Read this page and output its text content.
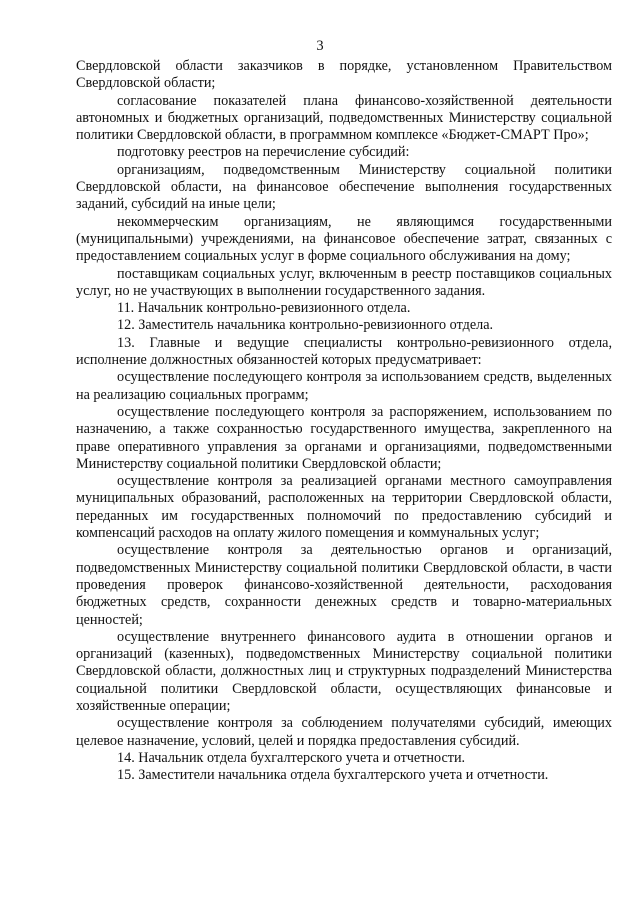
3

Свердловской области заказчиков в порядке, установленном Правительством Свердловской области;

согласование показателей плана финансово-хозяйственной деятельности автономных и бюджетных организаций, подведомственных Министерству социальной политики Свердловской области, в программном комплексе «Бюджет-СМАРТ Про»;

подготовку реестров на перечисление субсидий:

организациям, подведомственным Министерству социальной политики Свердловской области, на финансовое обеспечение выполнения государственных заданий, субсидий на иные цели;

некоммерческим организациям, не являющимся государственными (муниципальными) учреждениями, на финансовое обеспечение затрат, связанных с предоставлением социальных услуг в форме социального обслуживания на дому;

поставщикам социальных услуг, включенным в реестр поставщиков социальных услуг, но не участвующих в выполнении государственного задания.

11. Начальник контрольно-ревизионного отдела.

12. Заместитель начальника контрольно-ревизионного отдела.

13. Главные и ведущие специалисты контрольно-ревизионного отдела, исполнение должностных обязанностей которых предусматривает:

осуществление последующего контроля за использованием средств, выделенных на реализацию социальных программ;

осуществление последующего контроля за распоряжением, использованием по назначению, а также сохранностью государственного имущества, закрепленного на праве оперативного управления за органами и организациями, подведомственными Министерству социальной политики Свердловской области;

осуществление контроля за реализацией органами местного самоуправления муниципальных образований, расположенных на территории Свердловской области, переданных им государственных полномочий по предоставлению субсидий и компенсаций расходов на оплату жилого помещения и коммунальных услуг;

осуществление контроля за деятельностью органов и организаций, подведомственных Министерству социальной политики Свердловской области, в части проведения проверок финансово-хозяйственной деятельности, расходования бюджетных средств, сохранности денежных средств и товарно-материальных ценностей;

осуществление внутреннего финансового аудита в отношении органов и организаций (казенных), подведомственных Министерству социальной политики Свердловской области, должностных лиц и структурных подразделений Министерства социальной политики Свердловской области, осуществляющих финансовые и хозяйственные операции;

осуществление контроля за соблюдением получателями субсидий, имеющих целевое назначение, условий, целей и порядка предоставления субсидий.

14. Начальник отдела бухгалтерского учета и отчетности.

15. Заместители начальника отдела бухгалтерского учета и отчетности.
